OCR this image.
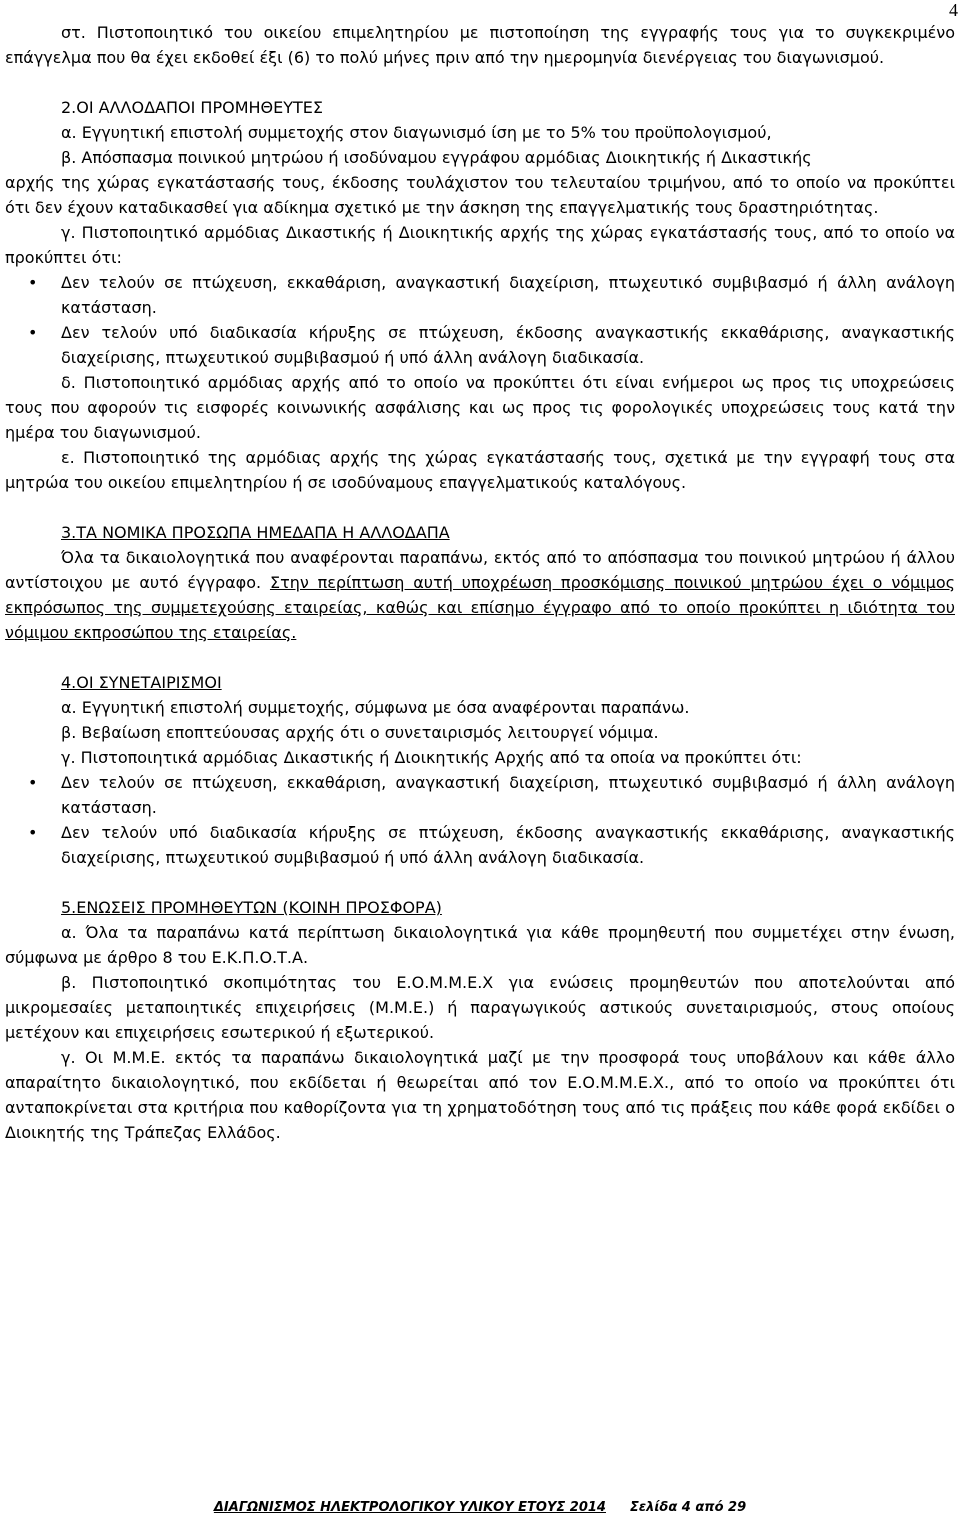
4

στ. Πιστοποιητικό του οικείου επιμελητηρίου με πιστοποίηση της εγγραφής τους για το συγκεκριμένο επάγγελμα που θα έχει εκδοθεί έξι (6) το πολύ μήνες πριν από την ημερομηνία διενέργειας του διαγωνισμού.

2.ΟΙ ΑΛΛΟΔΑΠΟΙ ΠΡΟΜΗΘΕΥΤΕΣ

α. Εγγυητική επιστολή συμμετοχής στον διαγωνισμό ίση με το 5% του προϋπολογισμού,

β. Απόσπασμα ποινικού μητρώου ή ισοδύναμου εγγράφου αρμόδιας Διοικητικής ή Δικαστικής

αρχής της χώρας εγκατάστασής τους, έκδοσης τουλάχιστον του τελευταίου τριμήνου, από το οποίο να προκύπτει ότι δεν έχουν καταδικασθεί για αδίκημα σχετικό με την άσκηση της επαγγελματικής τους δραστηριότητας.

γ. Πιστοποιητικό αρμόδιας Δικαστικής ή Διοικητικής αρχής της χώρας εγκατάστασής τους, από το οποίο να προκύπτει ότι:

• Δεν τελούν σε πτώχευση, εκκαθάριση, αναγκαστική διαχείριση, πτωχευτικό συμβιβασμό ή άλλη ανάλογη κατάσταση.

• Δεν τελούν υπό διαδικασία κήρυξης σε πτώχευση, έκδοσης αναγκαστικής εκκαθάρισης, αναγκαστικής διαχείρισης, πτωχευτικού συμβιβασμού ή υπό άλλη ανάλογη διαδικασία.

δ. Πιστοποιητικό αρμόδιας αρχής από το οποίο να προκύπτει ότι είναι ενήμεροι ως προς τις υποχρεώσεις τους που αφορούν τις εισφορές κοινωνικής ασφάλισης και ως προς τις φορολογικές υποχρεώσεις τους κατά την ημέρα του διαγωνισμού.

ε. Πιστοποιητικό της αρμόδιας αρχής της χώρας εγκατάστασής τους, σχετικά με την εγγραφή τους στα μητρώα του οικείου επιμελητηρίου ή σε ισοδύναμους επαγγελματικούς καταλόγους.

3.ΤΑ ΝΟΜΙΚΑ ΠΡΟΣΩΠΑ ΗΜΕΔΑΠΑ Η ΑΛΛΟΔΑΠΑ

Όλα τα δικαιολογητικά που αναφέρονται παραπάνω, εκτός από το απόσπασμα του ποινικού μητρώου ή άλλου αντίστοιχου με αυτό έγγραφο. Στην περίπτωση αυτή υποχρέωση προσκόμισης ποινικού μητρώου έχει ο νόμιμος εκπρόσωπος της συμμετεχούσης εταιρείας, καθώς και επίσημο έγγραφο από το οποίο προκύπτει η ιδιότητα του νόμιμου εκπροσώπου της εταιρείας.

4.ΟΙ ΣΥΝΕΤΑΙΡΙΣΜΟΙ

α. Εγγυητική επιστολή συμμετοχής, σύμφωνα με όσα αναφέρονται παραπάνω.

β. Βεβαίωση εποπτεύουσας αρχής ότι ο συνεταιρισμός λειτουργεί νόμιμα.

γ. Πιστοποιητικά αρμόδιας Δικαστικής ή Διοικητικής Αρχής από τα οποία να προκύπτει ότι:

• Δεν τελούν σε πτώχευση, εκκαθάριση, αναγκαστική διαχείριση, πτωχευτικό συμβιβασμό ή άλλη ανάλογη κατάσταση.

• Δεν τελούν υπό διαδικασία κήρυξης σε πτώχευση, έκδοσης αναγκαστικής εκκαθάρισης, αναγκαστικής διαχείρισης, πτωχευτικού συμβιβασμού ή υπό άλλη ανάλογη διαδικασία.

5.ΕΝΩΣΕΙΣ ΠΡΟΜΗΘΕΥΤΩΝ (ΚΟΙΝΗ ΠΡΟΣΦΟΡΑ)

α. Όλα τα παραπάνω κατά περίπτωση δικαιολογητικά για κάθε προμηθευτή που συμμετέχει στην ένωση, σύμφωνα με άρθρο 8 του Ε.Κ.Π.Ο.Τ.Α.

β. Πιστοποιητικό σκοπιμότητας του Ε.Ο.Μ.Μ.Ε.Χ για ενώσεις προμηθευτών που αποτελούνται από μικρομεσαίες μεταποιητικές επιχειρήσεις (Μ.Μ.Ε.) ή παραγωγικούς αστικούς συνεταιρισμούς, στους οποίους μετέχουν και επιχειρήσεις εσωτερικού ή εξωτερικού.

γ. Οι Μ.Μ.Ε. εκτός τα παραπάνω δικαιολογητικά μαζί με την προσφορά τους υποβάλουν και κάθε άλλο απαραίτητο δικαιολογητικό, που εκδίδεται ή θεωρείται από τον Ε.Ο.Μ.Μ.Ε.Χ., από το οποίο να προκύπτει ότι ανταποκρίνεται στα κριτήρια που καθορίζοντα για τη χρηματοδότηση τους από τις πράξεις που κάθε φορά εκδίδει ο Διοικητής της Τράπεζας Ελλάδος.

ΔΙΑΓΩΝΙΣΜΟΣ ΗΛΕΚΤΡΟΛΟΓΙΚΟΥ ΥΛΙΚΟΥ ΕΤΟΥΣ 2014 Σελίδα 4 από 29
